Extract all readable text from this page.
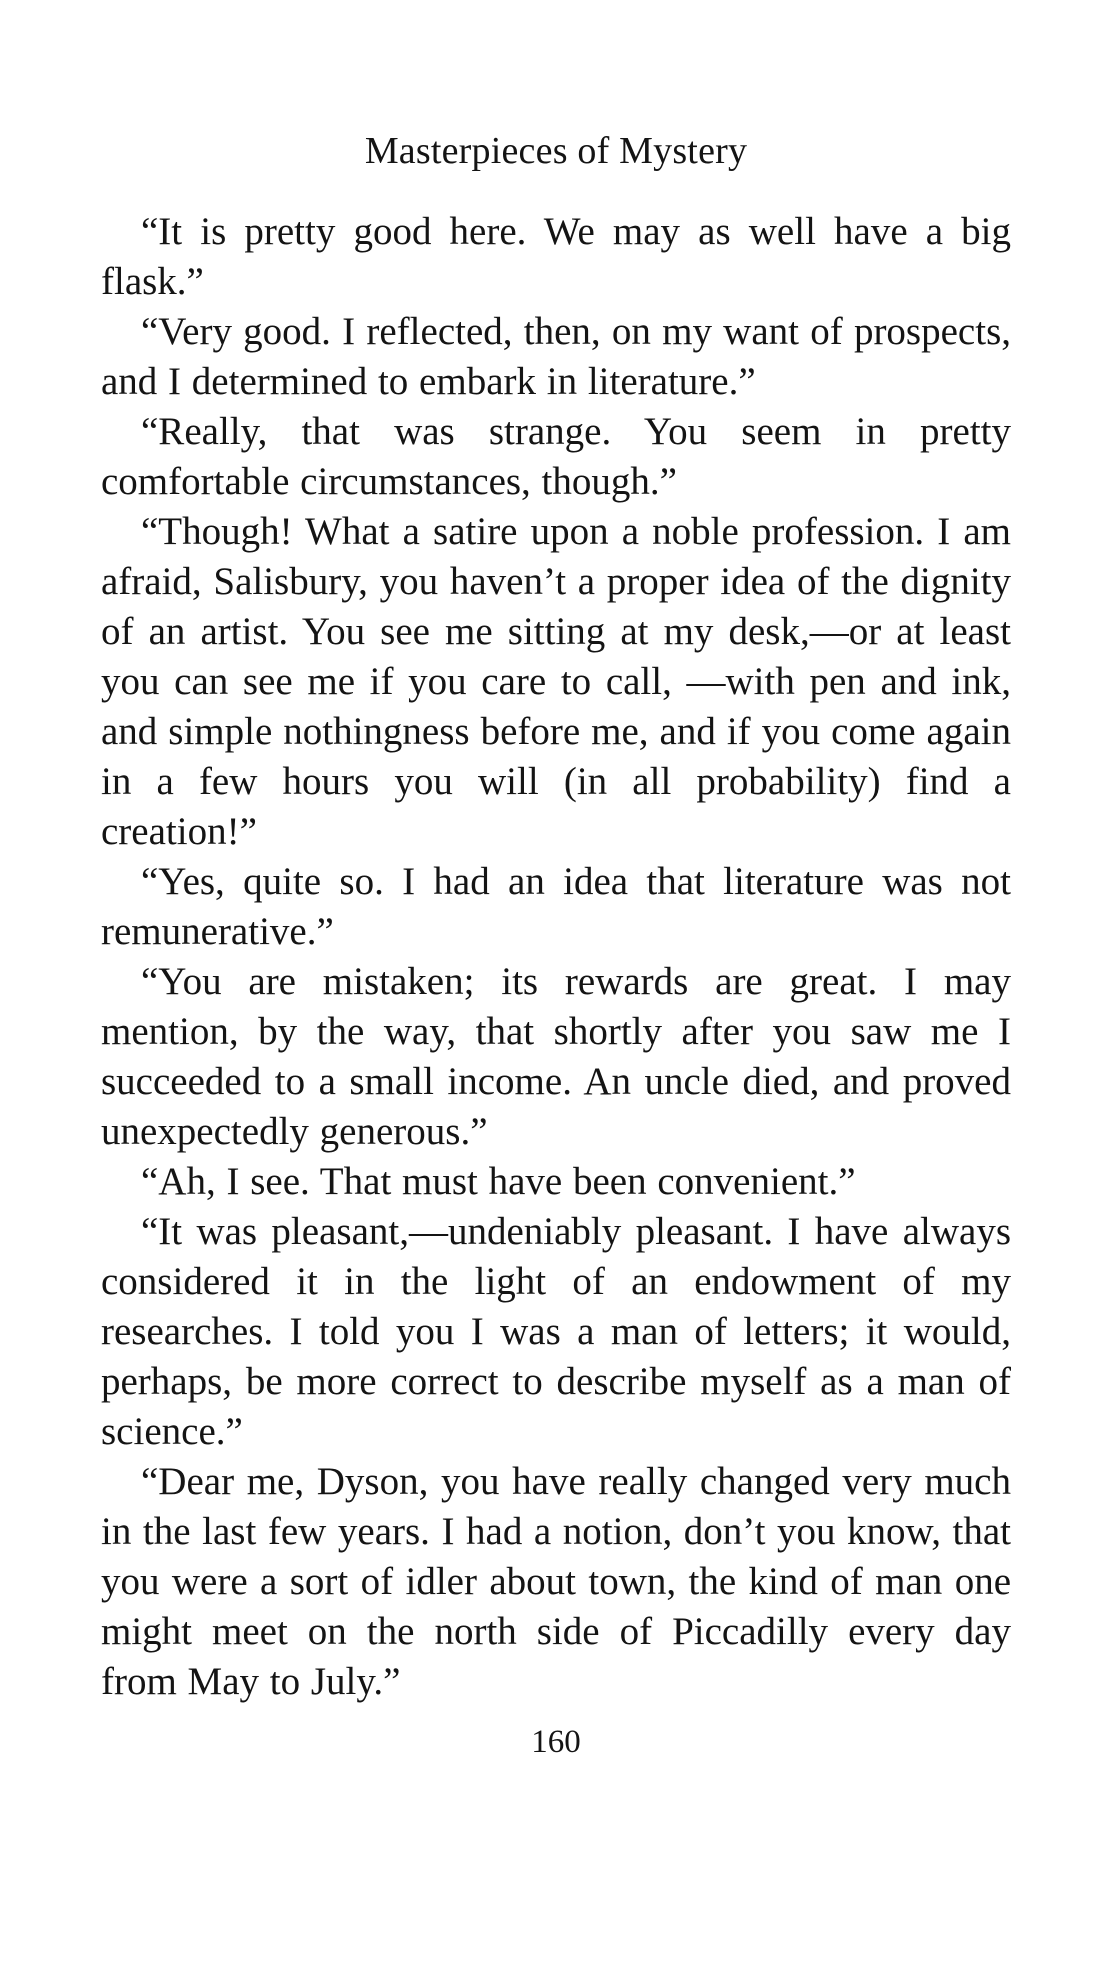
Masterpieces of Mystery

“It is pretty good here. We may as well have a big flask.”

“Very good. I reflected, then, on my want of prospects, and I determined to embark in literature.”

“Really, that was strange. You seem in pretty comfortable circumstances, though.”

“Though! What a satire upon a noble profession. I am afraid, Salisbury, you haven’t a proper idea of the dignity of an artist. You see me sitting at my desk,—or at least you can see me if you care to call, —with pen and ink, and simple nothingness before me, and if you come again in a few hours you will (in all probability) find a creation!”

“Yes, quite so. I had an idea that literature was not remunerative.”

“You are mistaken; its rewards are great. I may mention, by the way, that shortly after you saw me I succeeded to a small income. An uncle died, and proved unexpectedly generous.”

“Ah, I see. That must have been convenient.”

“It was pleasant,—undeniably pleasant. I have always considered it in the light of an endowment of my researches. I told you I was a man of letters; it would, perhaps, be more correct to describe myself as a man of science.”

“Dear me, Dyson, you have really changed very much in the last few years. I had a notion, don’t you know, that you were a sort of idler about town, the kind of man one might meet on the north side of Piccadilly every day from May to July.”

160
